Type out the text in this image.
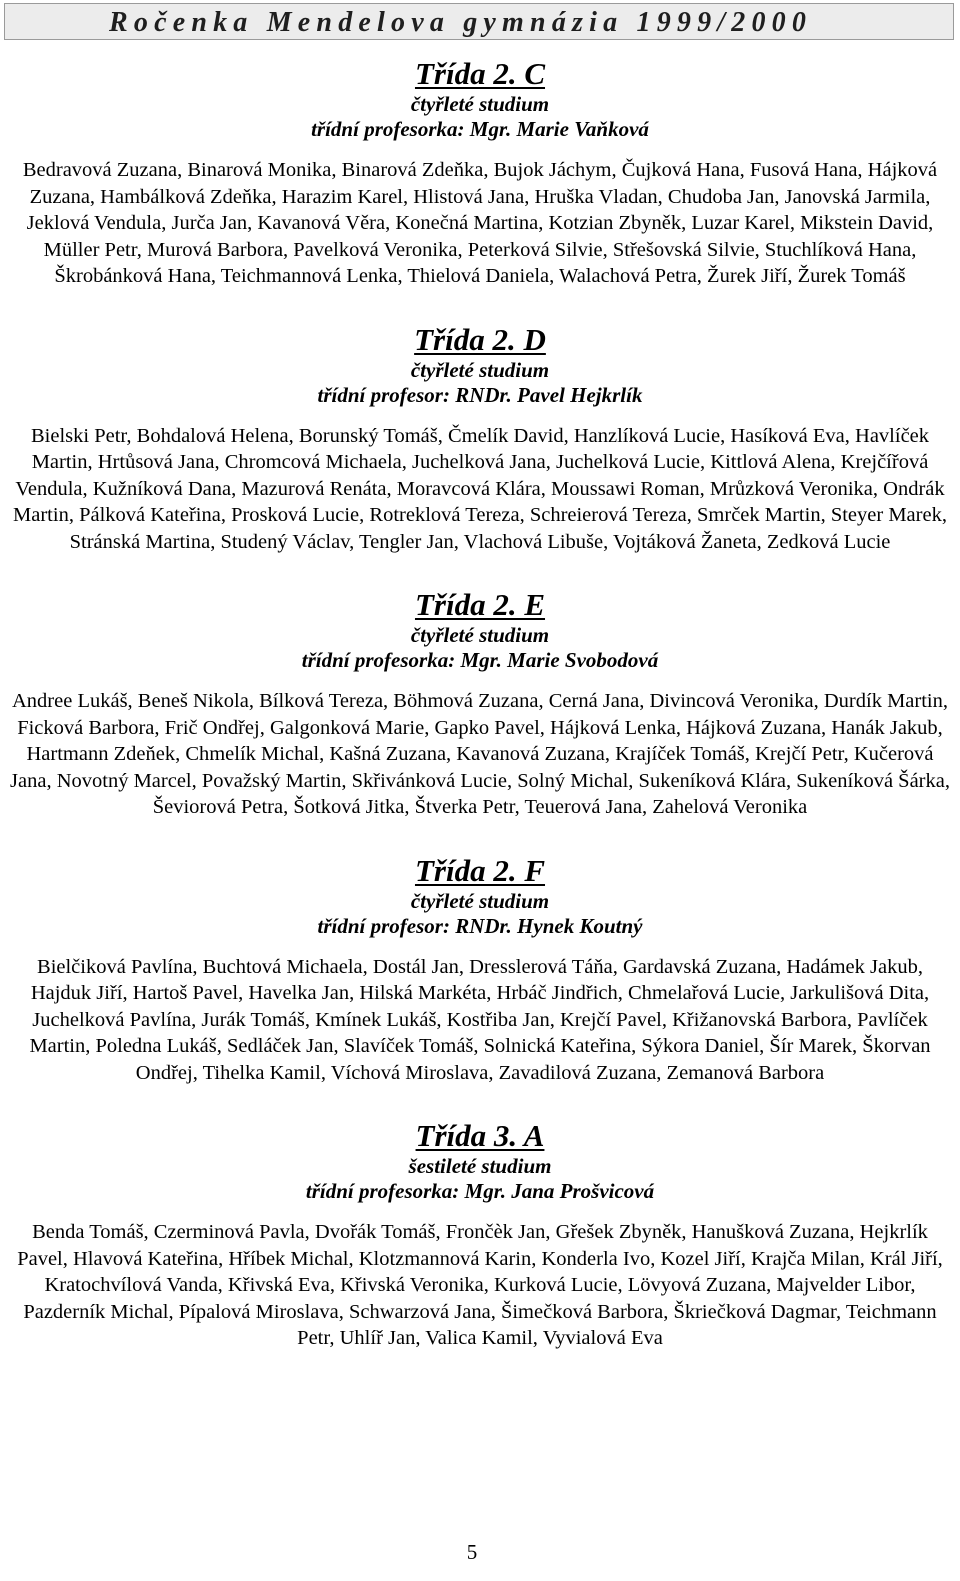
Ročenka Mendelova gymnázia 1999/2000
Třída 2. C
čtyřleté studium
třídní profesorka: Mgr. Marie Vaňková
Bedravová Zuzana, Binarová Monika, Binarová Zdeňka, Bujok Jáchym, Čujková Hana, Fusová Hana, Hájková Zuzana, Hambálková Zdeňka, Harazim Karel, Hlistová Jana, Hruška Vladan, Chudoba Jan, Janovská Jarmila, Jeklová Vendula, Jurča Jan, Kavanová Věra, Konečná Martina, Kotzian Zbyněk, Luzar Karel, Mikstein David, Müller Petr, Murová Barbora, Pavelková Veronika, Peterková Silvie, Střešovská Silvie, Stuchlíková Hana, Škrobánková Hana, Teichmannová Lenka, Thielová Daniela, Walachová Petra, Žurek Jiří, Žurek Tomáš
Třída 2. D
čtyřleté studium
třídní profesor: RNDr. Pavel Hejkrlík
Bielski Petr, Bohdalová Helena, Borunský Tomáš, Čmelík David, Hanzlíková Lucie, Hasíková Eva, Havlíček Martin, Hrtůsová Jana, Chromcová Michaela, Juchelková Jana, Juchelková Lucie, Kittlová Alena, Krejčířová Vendula, Kužníková Dana, Mazurová Renáta, Moravcová Klára, Moussawi Roman, Mrůzková Veronika, Ondrák Martin, Pálková Kateřina, Prosková Lucie, Rotreklová Tereza, Schreierová Tereza, Smrček Martin, Steyer Marek, Stránská Martina, Studený Václav, Tengler Jan, Vlachová Libuše, Vojtáková Žaneta, Zedková Lucie
Třída 2. E
čtyřleté studium
třídní profesorka: Mgr. Marie Svobodová
Andree Lukáš, Beneš Nikola, Bílková Tereza, Böhmová Zuzana, Cerná Jana, Divincová Veronika, Durdík Martin, Ficková Barbora, Frič Ondřej, Galgonková Marie, Gapko Pavel, Hájková Lenka, Hájková Zuzana, Hanák Jakub, Hartmann Zdeňek, Chmelík Michal, Kašná Zuzana, Kavanová Zuzana, Krajíček Tomáš, Krejčí Petr, Kučerová Jana, Novotný Marcel, Považský Martin, Skřivánková Lucie, Solný Michal, Sukeníková Klára, Sukeníková Šárka, Ševiorová Petra, Šotková Jitka, Štverka Petr, Teuerová Jana, Zahelová Veronika
Třída 2. F
čtyřleté studium
třídní profesor: RNDr. Hynek Koutný
Bielčiková Pavlína, Buchtová Michaela, Dostál Jan, Dresslerová Táňa, Gardavská Zuzana, Hadámek Jakub, Hajduk Jiří, Hartoš Pavel, Havelka Jan, Hilská Markéta, Hrbáč Jindřich, Chmelařová Lucie, Jarkulišová Dita, Juchelková Pavlína, Jurák Tomáš, Kmínek Lukáš, Kostřiba Jan, Krejčí Pavel, Křižanovská Barbora, Pavlíček Martin, Poledna Lukáš, Sedláček Jan, Slavíček Tomáš, Solnická Kateřina, Sýkora Daniel, Šír Marek, Škorvan Ondřej, Tihelka Kamil, Víchová Miroslava, Zavadilová Zuzana, Zemanová Barbora
Třída 3. A
šestileté studium
třídní profesorka: Mgr. Jana Prošvicová
Benda Tomáš, Czerminová Pavla, Dvořák Tomáš, Frončèk Jan, Gřešek Zbyněk, Hanušková Zuzana, Hejkrlík Pavel, Hlavová Kateřina, Hříbek Michal, Klotzmannová Karin, Konderla Ivo, Kozel Jiří, Krajča Milan, Král Jiří, Kratochvílová Vanda, Křivská Eva, Křivská Veronika, Kurková Lucie, Lövyová Zuzana, Majvelder Libor, Pazderník Michal, Pípalová Miroslava, Schwarzová Jana, Šimečková Barbora, Škriečková Dagmar, Teichmann Petr, Uhlíř Jan, Valica Kamil, Vyvialová Eva
5
